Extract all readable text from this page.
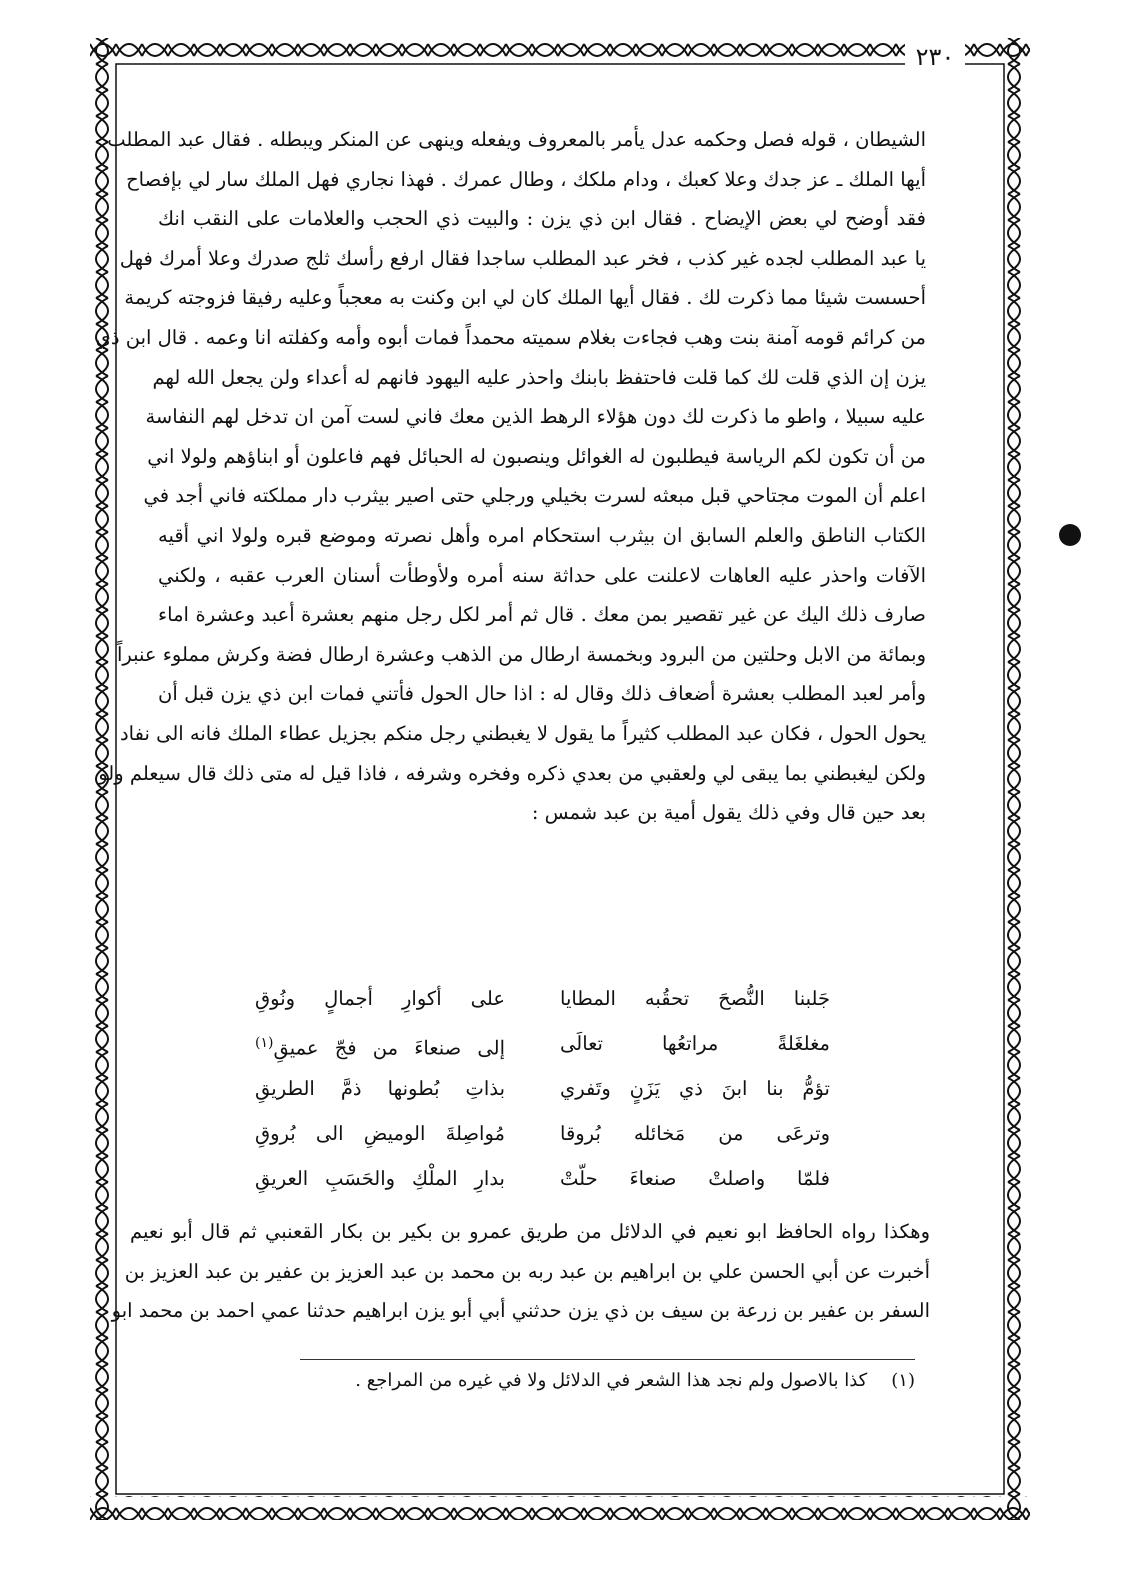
٢٣٠

الشيطان ، قوله فصل وحكمه عدل يأمر بالمعروف ويفعله وينهى عن المنكر ويبطله . فقال عبد المطلب

أيها الملك ـ عز جدك وعلا كعبك ، ودام ملكك ، وطال عمرك . فهذا نجاري فهل الملك سار لي بإفصاح

فقد أوضح لي بعض الإيضاح . فقال ابن ذي يزن : والبيت ذي الحجب والعلامات على النقب انك

يا عبد المطلب لجده غير كذب ، فخر عبد المطلب ساجدا فقال ارفع رأسك ثلج صدرك وعلا أمرك فهل

أحسست شيئا مما ذكرت لك . فقال أيها الملك كان لي ابن وكنت به معجباً وعليه رفيقا فزوجته كريمة

من كرائم قومه آمنة بنت وهب فجاءت بغلام سميته محمداً فمات أبوه وأمه وكفلته انا وعمه . قال ابن ذي

يزن إن الذي قلت لك كما قلت فاحتفظ بابنك واحذر عليه اليهود فانهم له أعداء ولن يجعل الله لهم

عليه سبيلا ، واطو ما ذكرت لك دون هؤلاء الرهط الذين معك فاني لست آمن ان تدخل لهم النفاسة

من أن تكون لكم الرياسة فيطلبون له الغوائل وينصبون له الحبائل فهم فاعلون أو ابناؤهم ولولا اني

اعلم أن الموت مجتاحي قبل مبعثه لسرت بخيلي ورجلي حتى اصير بيثرب دار مملكته فاني أجد في

الكتاب الناطق والعلم السابق ان بيثرب استحكام امره وأهل نصرته وموضع قبره ولولا اني أقيه

الآفات واحذر عليه العاهات لاعلنت على حداثة سنه أمره ولأوطأت أسنان العرب عقبه ، ولكني

صارف ذلك اليك عن غير تقصير بمن معك . قال ثم أمر لكل رجل منهم بعشرة أعبد وعشرة اماء

وبمائة من الابل وحلتين من البرود وبخمسة ارطال من الذهب وعشرة ارطال فضة وكرش مملوء عنبراً

وأمر لعبد المطلب بعشرة أضعاف ذلك وقال له : اذا حال الحول فأتني فمات ابن ذي يزن قبل أن

يحول الحول ، فكان عبد المطلب كثيراً ما يقول لا يغبطني رجل منكم بجزيل عطاء الملك فانه الى نفاد

ولكن ليغبطني بما يبقى لي ولعقبي من بعدي ذكره وفخره وشرفه ، فاذا قيل له متى ذلك قال سيعلم ولو

بعد حين قال وفي ذلك يقول أمية بن عبد شمس :

جَلبنا النُّصحَ تحقُبه المطايا
على أكوارِ أجمالٍ ونُوقِ
مغلغَلةً مراتعُها تعالَى
إلى صنعاءَ من فجّ عميقِ$^{(١)}$
تؤمُّ بنا ابنَ ذي يَزَنٍ وتَفري
بذاتِ بُطونها ذمَّ الطريقِ
وترعَى من مَخائله بُروقا
مُواصِلةَ الوميضِ الى بُروقِ
فلمّا واصلتْ صنعاءَ حلّتْ
بدارِ الملْكِ والحَسَبِ العريقِ

وهكذا رواه الحافظ ابو نعيم في الدلائل من طريق عمرو بن بكير بن بكار القعنبي ثم قال أبو نعيم

أخبرت عن أبي الحسن علي بن ابراهيم بن عبد ربه بن محمد بن عبد العزيز بن عفير بن عبد العزيز بن

السفر بن عفير بن زرعة بن سيف بن ذي يزن حدثني أبي أبو يزن ابراهيم حدثنا عمي احمد بن محمد ابو

(١)كذا بالاصول ولم نجد هذا الشعر في الدلائل ولا في غيره من المراجع .
